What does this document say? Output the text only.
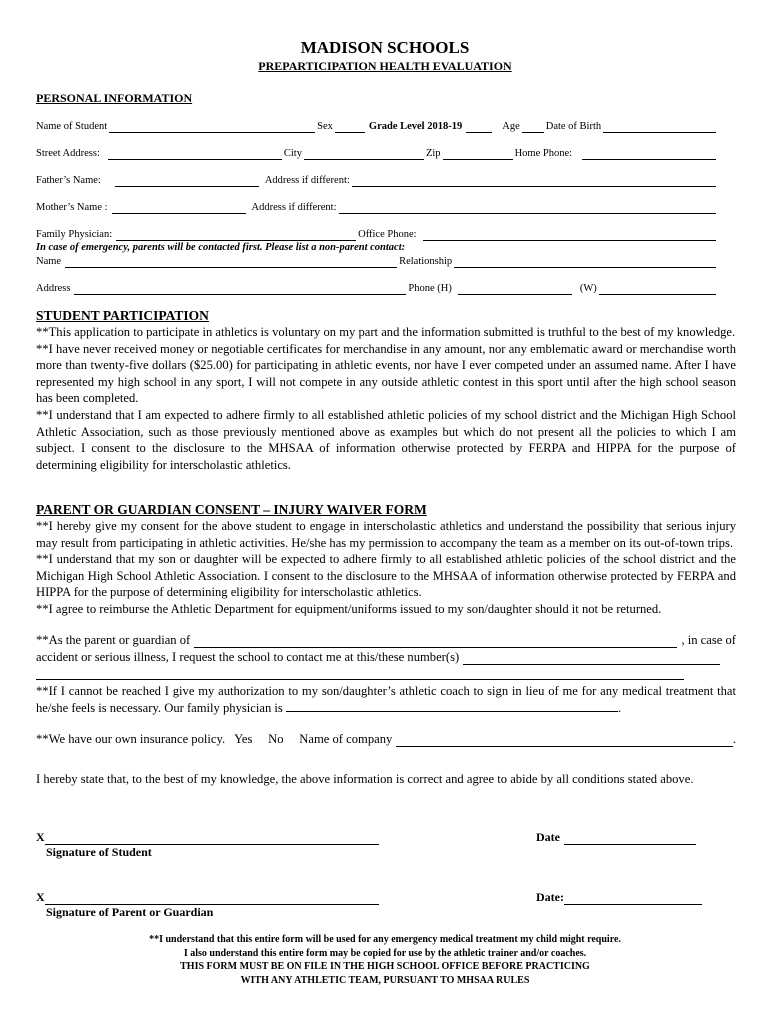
MADISON SCHOOLS
PREPARTICIPATION HEALTH EVALUATION
PERSONAL INFORMATION
Name of Student	Sex	Grade Level 2018-19	Age Date of Birth
Street Address:	City	Zip	Home Phone:
Father’s Name:	Address if different:
Mother’s Name :	Address if different:
Family Physician:	Office Phone:
In case of emergency, parents will be contacted first. Please list a non-parent contact:
Name	Relationship
Address	Phone (H)	(W)
STUDENT PARTICIPATION

**This application to participate in athletics is voluntary on my part and the information submitted is truthful to the best of my knowledge.

**I have never received money or negotiable certificates for merchandise in any amount, nor any emblematic award or merchandise worth more than twenty-five dollars ($25.00) for participating in athletic events, nor have I ever competed under an assumed name. After I have represented my high school in any sport, I will not compete in any outside athletic contest in this sport until after the high school season has been completed.

**I understand that I am expected to adhere firmly to all established athletic policies of my school district and the Michigan High School Athletic Association, such as those previously mentioned above as examples but which do not present all the policies to which I am subject. I consent to the disclosure to the MHSAA of information otherwise protected by FERPA and HIPPA for the purpose of determining eligibility for interscholastic athletics.

PARENT OR GUARDIAN CONSENT – INJURY WAIVER FORM

**I hereby give my consent for the above student to engage in interscholastic athletics and understand the possibility that serious injury may result from participating in athletic activities. He/she has my permission to accompany the team as a member on its out-of-town trips.

**I understand that my son or daughter will be expected to adhere firmly to all established athletic policies of the school district and the Michigan High School Athletic Association. I consent to the disclosure to the MHSAA of information otherwise protected by FERPA and HIPPA for the purpose of determining eligibility for interscholastic athletics.

**I agree to reimburse the Athletic Department for equipment/uniforms issued to my son/daughter should it not be returned.

**As the parent or guardian of	, in case of
accident or serious illness, I request the school to contact me at this/these number(s)

**If I cannot be reached I give my authorization to my son/daughter’s athletic coach to sign in lieu of me for any medical treatment that he/she feels is necessary. Our family physician is	.

**We have our own insurance policy.   Yes     No     Name of company	.

I hereby state that, to the best of my knowledge, the above information is correct and agree to abide by all conditions stated above.

X
Signature of Student
Date
X
Signature of Parent or Guardian
Date:
**I understand that this entire form will be used for any emergency medical treatment my child might require.
I also understand this entire form may be copied for use by the athletic trainer and/or coaches.
THIS FORM MUST BE ON FILE IN THE HIGH SCHOOL OFFICE BEFORE PRACTICING
WITH ANY ATHLETIC TEAM, PURSUANT TO MHSAA RULES
